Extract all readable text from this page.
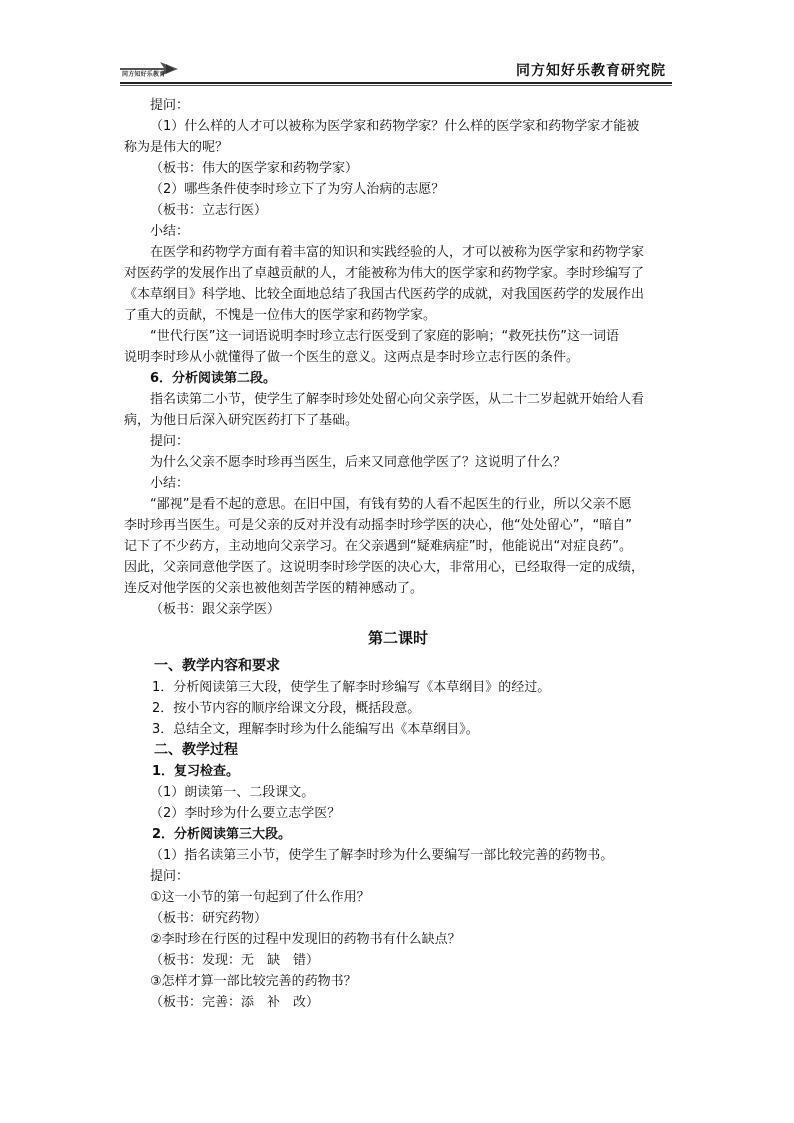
同方知好乐教育	同方知好乐教育研究院

提问：

（1）什么样的人才可以被称为医学家和药物学家？什么样的医学家和药物学家才能被

称为是伟大的呢？

（板书：伟大的医学家和药物学家）

（2）哪些条件使李时珍立下了为穷人治病的志愿？

（板书：立志行医）

小结：

在医学和药物学方面有着丰富的知识和实践经验的人，才可以被称为医学家和药物学家

对医药学的发展作出了卓越贡献的人，才能被称为伟大的医学家和药物学家。李时珍编写了

《本草纲目》科学地、比较全面地总结了我国古代医药学的成就，对我国医药学的发展作出

了重大的贡献，不愧是一位伟大的医学家和药物学家。

“世代行医”这一词语说明李时珍立志行医受到了家庭的影响；“救死扶伤”这一词语

说明李时珍从小就懂得了做一个医生的意义。这两点是李时珍立志行医的条件。

6．分析阅读第二段。

指名读第二小节，使学生了解李时珍处处留心向父亲学医，从二十二岁起就开始给人看

病，为他日后深入研究医药打下了基础。

提问：

为什么父亲不愿李时珍再当医生，后来又同意他学医了？这说明了什么？

小结：

“鄙视”是看不起的意思。在旧中国，有钱有势的人看不起医生的行业，所以父亲不愿

李时珍再当医生。可是父亲的反对并没有动摇李时珍学医的决心，他“处处留心”，“暗自”

记下了不少药方，主动地向父亲学习。在父亲遇到“疑难病症”时，他能说出“对症良药”。

因此，父亲同意他学医了。这说明李时珍学医的决心大，非常用心，已经取得一定的成绩，

连反对他学医的父亲也被他刻苦学医的精神感动了。

（板书：跟父亲学医）

第二课时

一、教学内容和要求

1．分析阅读第三大段，使学生了解李时珍编写《本草纲目》的经过。

2．按小节内容的顺序给课文分段，概括段意。

3．总结全文，理解李时珍为什么能编写出《本草纲目》。

二、教学过程

1．复习检查。

（1）朗读第一、二段课文。

（2）李时珍为什么要立志学医？

2．分析阅读第三大段。

（1）指名读第三小节，使学生了解李时珍为什么要编写一部比较完善的药物书。

提问：

①这一小节的第一句起到了什么作用？

（板书：研究药物）

②李时珍在行医的过程中发现旧的药物书有什么缺点？

（板书：发现：无　缺　错）

③怎样才算一部比较完善的药物书？

（板书：完善：添　补　改）
